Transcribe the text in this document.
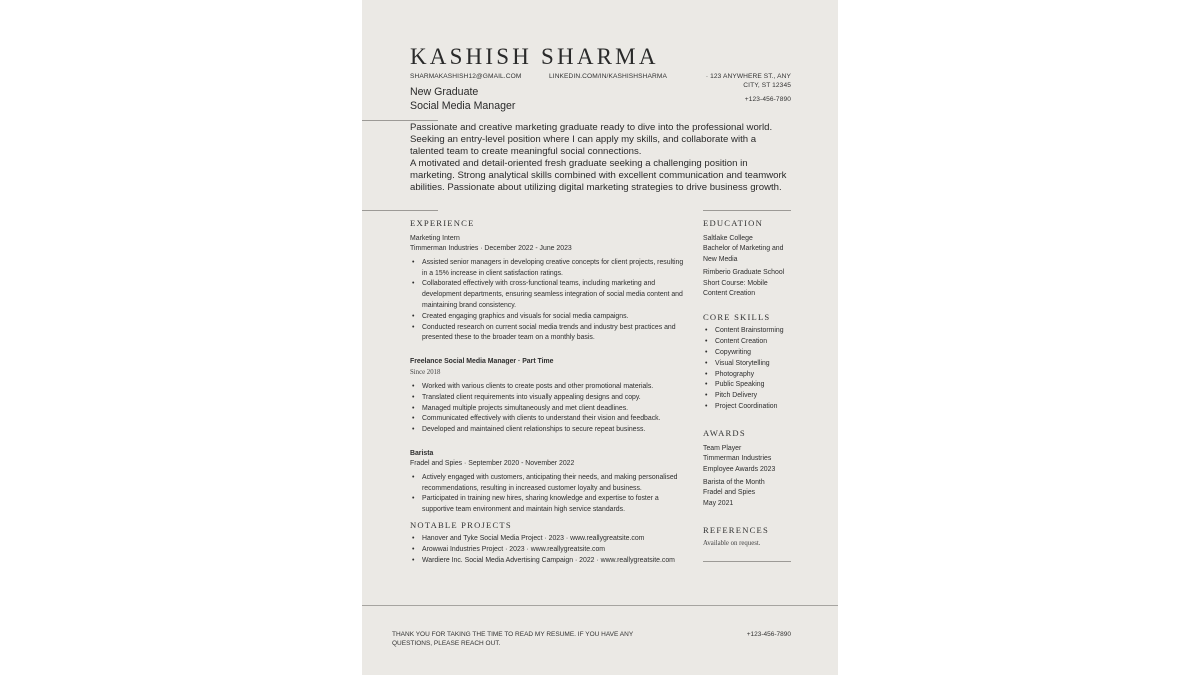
KASHISH SHARMA
SHARMAKASHISH12@GMAIL.COM	LINKEDIN.COM/IN/KASHISHSHARMA	· 123 ANYWHERE ST., ANY
CITY, ST 12345
+123-456-7890
New Graduate
Social Media Manager

Passionate and creative marketing graduate ready to dive into the professional world. Seeking an entry-level position where I can apply my skills, and collaborate with a talented team to create meaningful social connections.

A motivated and detail-oriented fresh graduate seeking a challenging position in marketing. Strong analytical skills combined with excellent communication and teamwork abilities. Passionate about utilizing digital marketing strategies to drive business growth.

EXPERIENCE
Marketing Intern
Timmerman Industries · December 2022 - June 2023
• Assisted senior managers in developing creative concepts for client projects, resulting in a 15% increase in client satisfaction ratings.
• Collaborated effectively with cross-functional teams, including marketing and development departments, ensuring seamless integration of social media content and maintaining brand consistency.
• Created engaging graphics and visuals for social media campaigns.
• Conducted research on current social media trends and industry best practices and presented these to the broader team on a monthly basis.
Freelance Social Media Manager · Part Time
Since 2018
• Worked with various clients to create posts and other promotional materials.
• Translated client requirements into visually appealing designs and copy.
• Managed multiple projects simultaneously and met client deadlines.
• Communicated effectively with clients to understand their vision and feedback.
• Developed and maintained client relationships to secure repeat business.
Barista
Fradel and Spies · September 2020 - November 2022
• Actively engaged with customers, anticipating their needs, and making personalised recommendations, resulting in increased customer loyalty and business.
• Participated in training new hires, sharing knowledge and expertise to foster a supportive team environment and maintain high service standards.
NOTABLE PROJECTS
• Hanover and Tyke Social Media Project · 2023 · www.reallygreatsite.com
• Arowwai Industries Project · 2023 · www.reallygreatsite.com
• Wardiere Inc. Social Media Advertising Campaign · 2022 · www.reallygreatsite.com
EDUCATION
Saltlake College
Bachelor of Marketing and
New Media
Rimberio Graduate School
Short Course: Mobile
Content Creation
CORE SKILLS
• Content Brainstorming
• Content Creation
• Copywriting
• Visual Storytelling
• Photography
• Public Speaking
• Pitch Delivery
• Project Coordination
AWARDS
Team Player
Timmerman Industries
Employee Awards 2023
Barista of the Month
Fradel and Spies
May 2021
REFERENCES
Available on request.
THANK YOU FOR TAKING THE TIME TO READ MY RESUME. IF YOU HAVE ANY
QUESTIONS, PLEASE REACH OUT.
+123-456-7890
